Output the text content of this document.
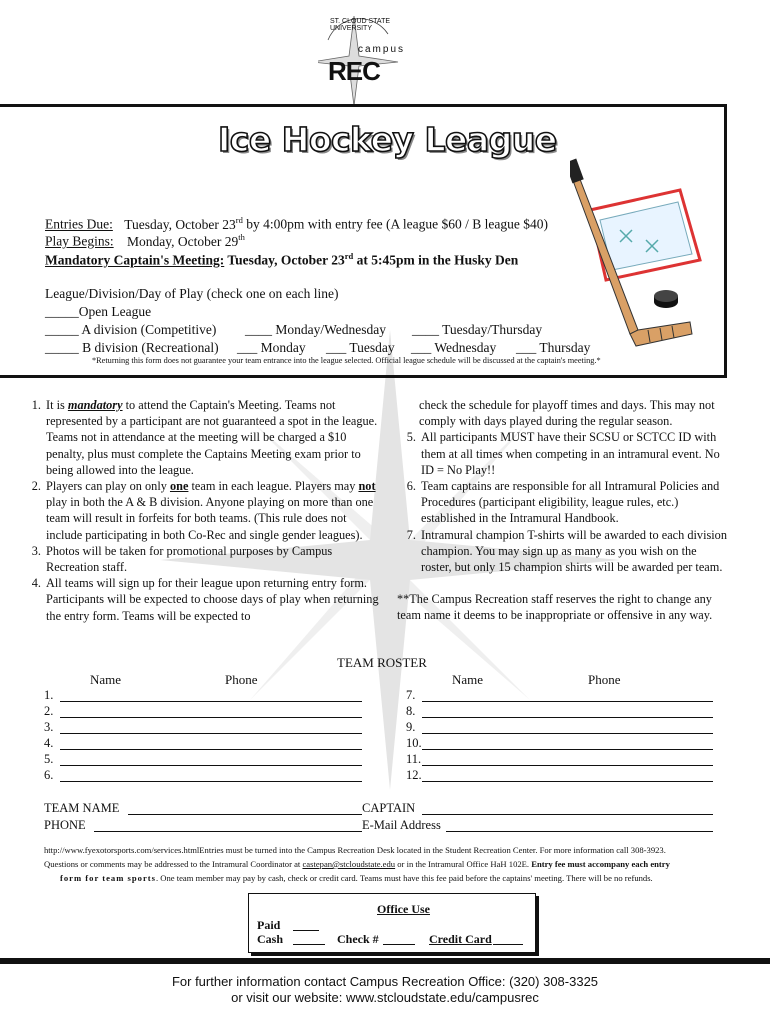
ST. CLOUD STATE UNIVERSITY
campus
REC
Ice Hockey League
Entries Due: Tuesday, October 23rd by 4:00pm with entry fee (A league $60 / B league $40)
Play Begins: Monday, October 29th
Mandatory Captain's Meeting: Tuesday, October 23rd at 5:45pm in the Husky Den
League/Division/Day of Play (check one on each line)
_____Open League
_____ A division (Competitive) ____ Monday/Wednesday ____ Tuesday/Thursday
_____ B division (Recreational) ___ Monday ___ Tuesday ___ Wednesday ___ Thursday
*Returning this form does not guarantee your team entrance into the league selected. Official league schedule will be discussed at the captain's meeting.*
1. It is mandatory to attend the Captain's Meeting. Teams not represented by a participant are not guaranteed a spot in the league. Teams not in attendance at the meeting will be charged a $10 penalty, plus must complete the Captains Meeting exam prior to being allowed into the league.
2. Players can play on only one team in each league. Players may not play in both the A & B division. Anyone playing on more than one team will result in forfeits for both teams. (This rule does not include participating in both Co-Rec and single gender leagues).
3. Photos will be taken for promotional purposes by Campus Recreation staff.
4. All teams will sign up for their league upon returning entry form. Participants will be expected to choose days of play when returning the entry form. Teams will be expected to
check the schedule for playoff times and days. This may not comply with days played during the regular season.
5. All participants MUST have their SCSU or SCTCC ID with them at all times when competing in an intramural event. No ID = No Play!!
6. Team captains are responsible for all Intramural Policies and Procedures (participant eligibility, league rules, etc.) established in the Intramural Handbook.
7. Intramural champion T-shirts will be awarded to each division champion. You may sign up as many as you wish on the roster, but only 15 champion shirts will be awarded per team.
**The Campus Recreation staff reserves the right to change any team name it deems to be inappropriate or offensive in any way.
TEAM ROSTER
Name	Phone	Name	Phone
1.
2.
3.
4.
5.
6.
7.
8.
9.
10.
11.
12.
TEAM NAME
PHONE
CAPTAIN
E-Mail Address
http://www.fyexotorsports.com/services.htmlEntries must be turned into the Campus Recreation Desk located in the Student Recreation Center. For more information call 308-3923.
Questions or comments may be addressed to the Intramural Coordinator at castepan@stcloudstate.edu or in the Intramural Office HaH 102E. Entry fee must accompany each entry
form for team sports. One team member may pay by cash, check or credit card. Teams must have this fee paid before the captains' meeting. There will be no refunds.
Office Use
Paid
Cash	Check #	Credit Card
For further information contact Campus Recreation Office: (320) 308-3325
or visit our website: www.stcloudstate.edu/campusrec
